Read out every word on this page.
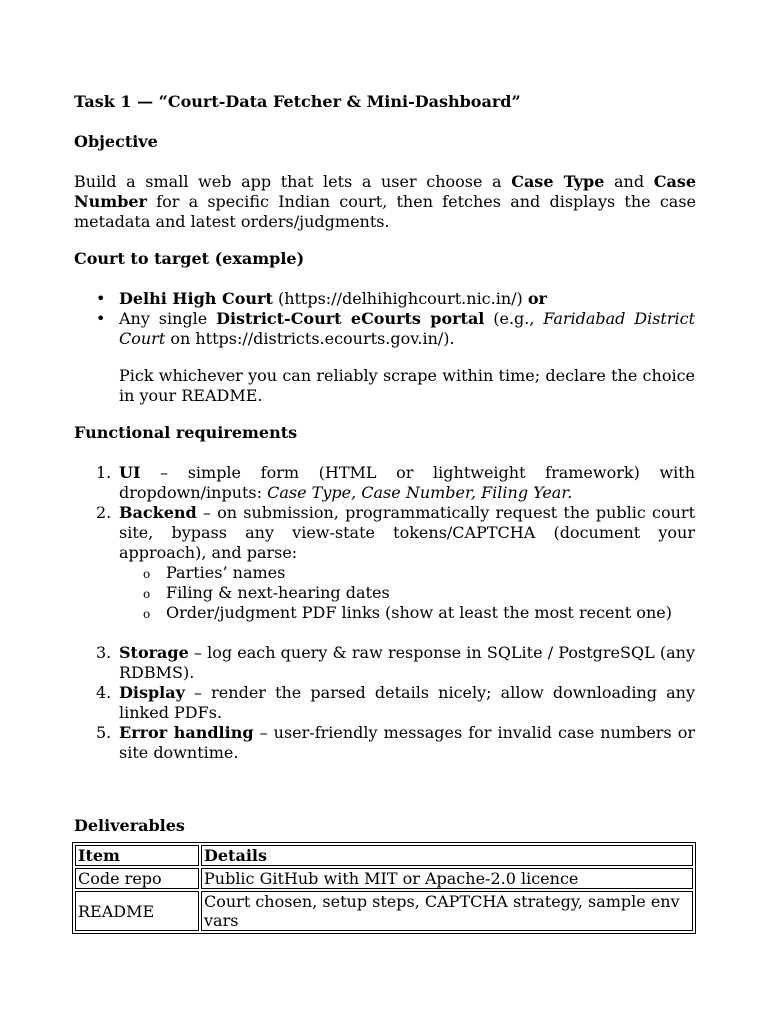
Task 1 — “Court-Data Fetcher & Mini-Dashboard”
Objective
Build a small web app that lets a user choose a Case Type and Case Number for a specific Indian court, then fetches and displays the case metadata and latest orders/judgments.
Court to target (example)
• Delhi High Court (https://delhihighcourt.nic.in/) or
• Any single District-Court eCourts portal (e.g., Faridabad District Court on https://districts.ecourts.gov.in/).
Pick whichever you can reliably scrape within time; declare the choice in your README.
Functional requirements
1. UI – simple form (HTML or lightweight framework) with dropdown/inputs: Case Type, Case Number, Filing Year.
2. Backend – on submission, programmatically request the public court site, bypass any view-state tokens/CAPTCHA (document your approach), and parse:
o Parties’ names
o Filing & next-hearing dates
o Order/judgment PDF links (show at least the most recent one)
3. Storage – log each query & raw response in SQLite / PostgreSQL (any RDBMS).
4. Display – render the parsed details nicely; allow downloading any linked PDFs.
5. Error handling – user-friendly messages for invalid case numbers or site downtime.
Deliverables
Item	Details
Code repo	Public GitHub with MIT or Apache-2.0 licence
README	Court chosen, setup steps, CAPTCHA strategy, sample env vars
